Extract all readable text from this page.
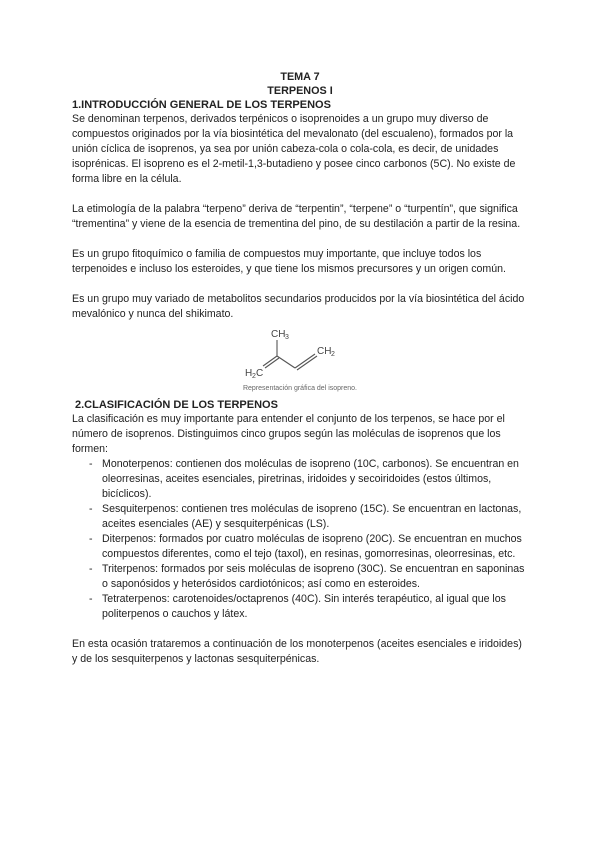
TEMA 7
TERPENOS I
1.INTRODUCCIÓN GENERAL DE LOS TERPENOS

Se denominan terpenos, derivados terpénicos o isoprenoides a un grupo muy diverso de compuestos originados por la vía biosintética del mevalonato (del escualeno), formados por la unión cíclica de isoprenos, ya sea por unión cabeza-cola o cola-cola, es decir, de unidades isoprénicas. El isopreno es el 2-metil-1,3-butadieno y posee cinco carbonos (5C). No existe de forma libre en la célula.

La etimología de la palabra “terpeno” deriva de “terpentin”, “terpene” o “turpentín”, que significa “trementina” y viene de la esencia de trementina del pino, de su destilación a partir de la resina.

Es un grupo fitoquímico o familia de compuestos muy importante, que incluye todos los terpenoides e incluso los esteroides, y que tiene los mismos precursores y un origen común.

Es un grupo muy variado de metabolitos secundarios producidos por la vía biosintética del ácido mevalónico y nunca del shikimato.

CH 3
CH 2
H 2 C
Representación gráfica del isopreno.
2.CLASIFICACIÓN DE LOS TERPENOS

La clasificación es muy importante para entender el conjunto de los terpenos, se hace por el número de isoprenos. Distinguimos cinco grupos según las moléculas de isoprenos que los formen:

- Monoterpenos: contienen dos moléculas de isopreno (10C, carbonos). Se encuentran en oleorresinas, aceites esenciales, piretrinas, iridoides y secoiridoides (estos últimos, bicíclicos).
- Sesquiterpenos: contienen tres moléculas de isopreno (15C). Se encuentran en lactonas, aceites esenciales (AE) y sesquiterpénicas (LS).
- Diterpenos: formados por cuatro moléculas de isopreno (20C). Se encuentran en muchos compuestos diferentes, como el tejo (taxol), en resinas, gomorresinas, oleorresinas, etc.
- Triterpenos: formados por seis moléculas de isopreno (30C). Se encuentran en saponinas o saponósidos y heterósidos cardiotónicos; así como en esteroides.
- Tetraterpenos: carotenoides/octaprenos (40C). Sin interés terapéutico, al igual que los politerpenos o cauchos y látex.

En esta ocasión trataremos a continuación de los monoterpenos (aceites esenciales e iridoides) y de los sesquiterpenos y lactonas sesquiterpénicas.
